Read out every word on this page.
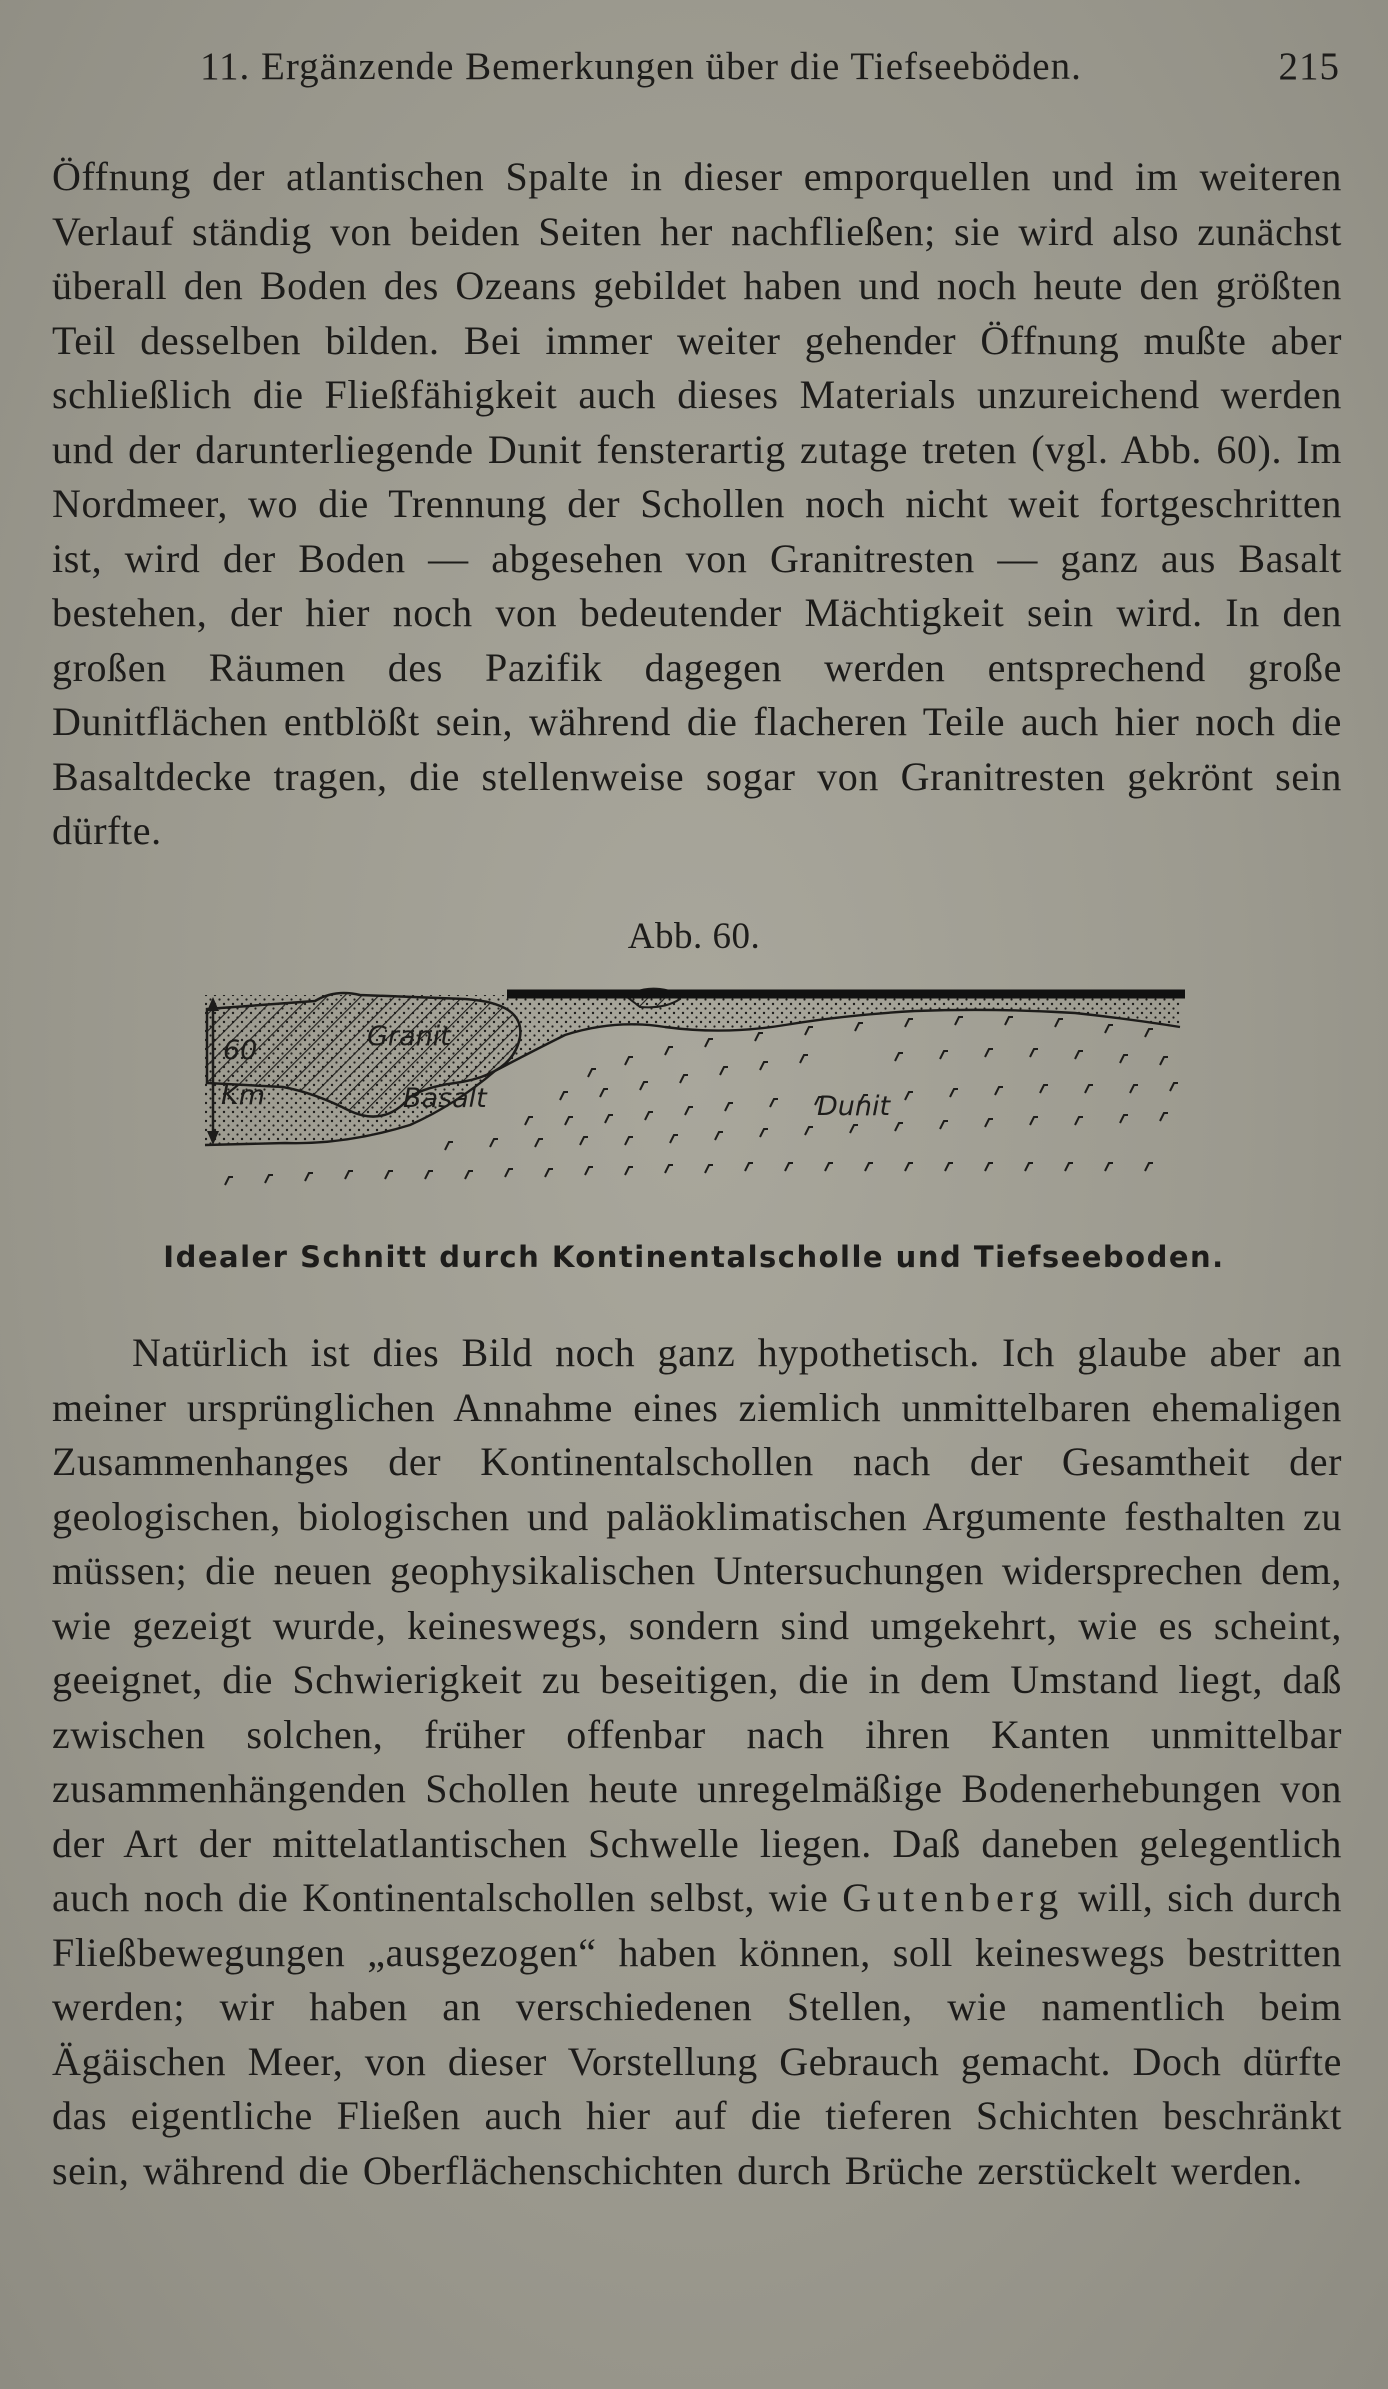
11. Ergänzende Bemerkungen über die Tiefseeböden.	215
Öffnung der atlantischen Spalte in dieser emporquellen und im weiteren Verlauf ständig von beiden Seiten her nachfließen; sie wird also zunächst überall den Boden des Ozeans gebildet haben und noch heute den größten Teil desselben bilden. Bei immer weiter gehender Öffnung mußte aber schließlich die Fließfähigkeit auch dieses Materials unzureichend werden und der darunterliegende Dunit fensterartig zutage treten (vgl. Abb. 60). Im Nordmeer, wo die Trennung der Schollen noch nicht weit fortgeschritten ist, wird der Boden — abgesehen von Granitresten — ganz aus Basalt bestehen, der hier noch von bedeutender Mächtigkeit sein wird. In den großen Räumen des Pazifik dagegen werden entsprechend große Dunitflächen entblößt sein, während die flacheren Teile auch hier noch die Basaltdecke tragen, die stellenweise sogar von Granitresten gekrönt sein dürfte.
Abb. 60.
60
Km
Granit
Basalt	Dunit
Idealer Schnitt durch Kontinentalscholle und Tiefseeboden.
Natürlich ist dies Bild noch ganz hypothetisch. Ich glaube aber an meiner ursprünglichen Annahme eines ziemlich unmittelbaren ehemaligen Zusammenhanges der Kontinentalschollen nach der Gesamtheit der geologischen, biologischen und paläoklimatischen Argumente festhalten zu müssen; die neuen geophysikalischen Untersuchungen widersprechen dem, wie gezeigt wurde, keineswegs, sondern sind umgekehrt, wie es scheint, geeignet, die Schwierigkeit zu beseitigen, die in dem Umstand liegt, daß zwischen solchen, früher offenbar nach ihren Kanten unmittelbar zusammenhängenden Schollen heute unregelmäßige Bodenerhebungen von der Art der mittelatlantischen Schwelle liegen. Daß daneben gelegentlich auch noch die Kontinentalschollen selbst, wie Gutenberg will, sich durch Fließbewegungen „ausgezogen“ haben können, soll keineswegs bestritten werden; wir haben an verschiedenen Stellen, wie namentlich beim Ägäischen Meer, von dieser Vorstellung Gebrauch gemacht. Doch dürfte das eigentliche Fließen auch hier auf die tieferen Schichten beschränkt sein, während die Oberflächenschichten durch Brüche zerstückelt werden.
